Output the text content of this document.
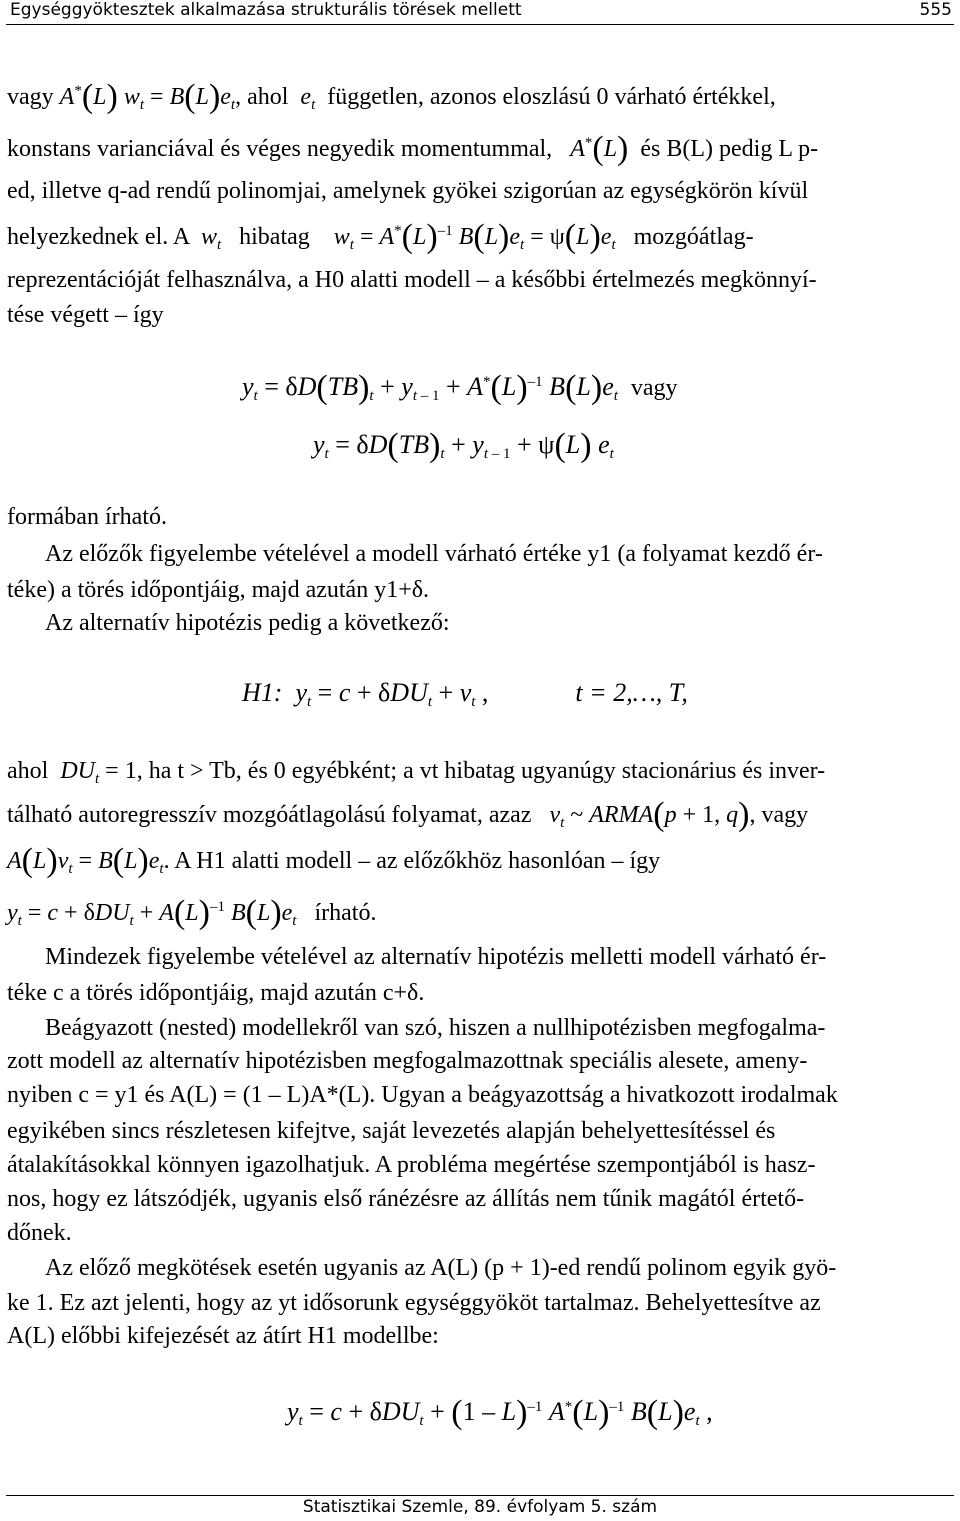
Egységgyöktesztek alkalmazása strukturális törések mellett	555
vagy A*(L) $w_t = B(L)e_t$, ahol $e_t$ független, azonos eloszlású 0 várható értékkel,
konstans varianciával és véges negyedik momentummal, A*(L) és B(L) pedig L p-
ed, illetve q-ad rendű polinomjai, amelynek gyökei szigorúan az egységkörön kívül
helyezkednek el. A $w_t$ hibatag $w_t = A^*(L)^{-1}$ $B(L)e_t = \psi(L)e_t$ mozgóátlag-
reprezentációját felhasználva, a H0 alatti modell – a későbbi értelmezés megkönnyí-
tése végett – így
$y_t = \delta D(TB)_t + y_{t - 1} + A^*(L)^{-1}$ $B(L)e_t$ vagy
$y_t = \delta D(TB)_t + y_{t - 1} + \psi(L)$ $e_t$
formában írható.
Az előzők figyelembe vételével a modell várható értéke y1 (a folyamat kezdő ér-
téke) a törés időpontjáig, majd azután y1+δ.
Az alternatív hipotézis pedig a következő:
H1: $y_t = c + \delta DU_t + v_t$ ,	t = 2,…, T,
ahol $DU_t = 1$, ha t > Tb, és 0 egyébként; a vt hibatag ugyanúgy stacionárius és inver-
tálható autoregresszív mozgóátlagolású folyamat, azaz $v_t$ ~ ARMA(p + 1, q), vagy
$A(L)v_t = B(L)e_t$. A H1 alatti modell – az előzőkhöz hasonlóan – így
$y_t = c + \delta DU_t + A(L)^{-1}$ $B(L)e_t$ írható.
Mindezek figyelembe vételével az alternatív hipotézis melletti modell várható ér-
téke c a törés időpontjáig, majd azután c+δ.
Beágyazott (nested) modellekről van szó, hiszen a nullhipotézisben megfogalma-
zott modell az alternatív hipotézisben megfogalmazottnak speciális alesete, ameny-
nyiben c = y1 és A(L) = (1 – L)A*(L). Ugyan a beágyazottság a hivatkozott irodalmak
egyikében sincs részletesen kifejtve, saját levezetés alapján behelyettesítéssel és
átalakításokkal könnyen igazolhatjuk. A probléma megértése szempontjából is hasz-
nos, hogy ez látszódjék, ugyanis első ránézésre az állítás nem tűnik magától értető-
dőnek.
Az előző megkötések esetén ugyanis az A(L) (p + 1)-ed rendű polinom egyik gyö-
ke 1. Ez azt jelenti, hogy az yt idősorunk egységgyököt tartalmaz. Behelyettesítve az
A(L) előbbi kifejezését az átírt H1 modellbe:
$y_t = c + \delta DU_t + (1 - L)^{-1}$ $A^*(L)^{-1}$ $B(L)e_t$ ,
Statisztikai Szemle, 89. évfolyam 5. szám
